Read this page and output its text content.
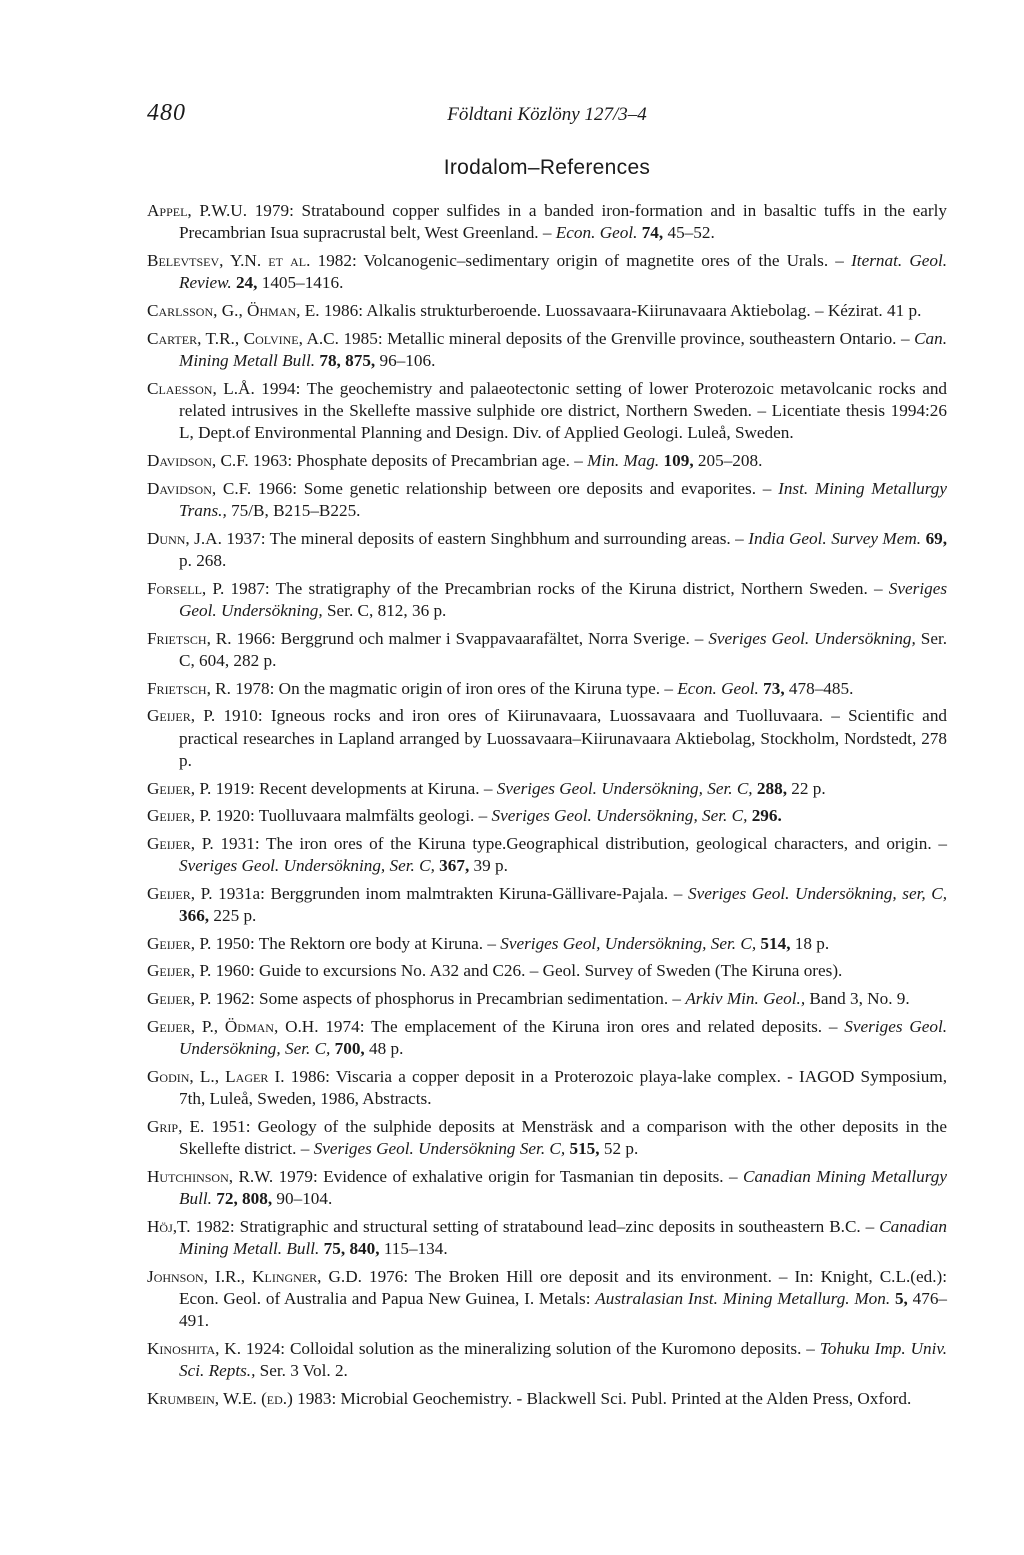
480	Földtani Közlöny 127/3–4
Irodalom–References
Appel, P.W.U. 1979: Stratabound copper sulfides in a banded iron-formation and in basaltic tuffs in the early Precambrian Isua supracrustal belt, West Greenland. – Econ. Geol. 74, 45–52.
Belevtsev, Y.N. et al. 1982: Volcanogenic–sedimentary origin of magnetite ores of the Urals. – Iternat. Geol. Review. 24, 1405–1416.
Carlsson, G., Öhman, E. 1986: Alkalis strukturberoende. Luossavaara-Kiirunavaara Aktiebolag. – Kézirat. 41 p.
Carter, T.R., Colvine, A.C. 1985: Metallic mineral deposits of the Grenville province, southeastern Ontario. – Can. Mining Metall Bull. 78, 875, 96–106.
Claesson, L.Å. 1994: The geochemistry and palaeotectonic setting of lower Proterozoic metavolcanic rocks and related intrusives in the Skellefte massive sulphide ore district, Northern Sweden. – Licentiate thesis 1994:26 L, Dept.of Environmental Planning and Design. Div. of Applied Geologi. Luleå, Sweden.
Davidson, C.F. 1963: Phosphate deposits of Precambrian age. – Min. Mag. 109, 205–208.
Davidson, C.F. 1966: Some genetic relationship between ore deposits and evaporites. – Inst. Mining Metallurgy Trans., 75/B, B215–B225.
Dunn, J.A. 1937: The mineral deposits of eastern Singhbhum and surrounding areas. – India Geol. Survey Mem. 69, p. 268.
Forsell, P. 1987: The stratigraphy of the Precambrian rocks of the Kiruna district, Northern Sweden. – Sveriges Geol. Undersökning, Ser. C, 812, 36 p.
Frietsch, R. 1966: Berggrund och malmer i Svappavaarafältet, Norra Sverige. – Sveriges Geol. Undersökning, Ser. C, 604, 282 p.
Frietsch, R. 1978: On the magmatic origin of iron ores of the Kiruna type. – Econ. Geol. 73, 478–485.
Geijer, P. 1910: Igneous rocks and iron ores of Kiirunavaara, Luossavaara and Tuolluvaara. – Scientific and practical researches in Lapland arranged by Luossavaara–Kiirunavaara Aktiebolag, Stockholm, Nordstedt, 278 p.
Geijer, P. 1919: Recent developments at Kiruna. – Sveriges Geol. Undersökning, Ser. C, 288, 22 p.
Geijer, P. 1920: Tuolluvaara malmfälts geologi. – Sveriges Geol. Undersökning, Ser. C, 296.
Geijer, P. 1931: The iron ores of the Kiruna type.Geographical distribution, geological characters, and origin. – Sveriges Geol. Undersökning, Ser. C, 367, 39 p.
Geijer, P. 1931a: Berggrunden inom malmtrakten Kiruna-Gällivare-Pajala. – Sveriges Geol. Undersökning, ser, C, 366, 225 p.
Geijer, P. 1950: The Rektorn ore body at Kiruna. – Sveriges Geol, Undersökning, Ser. C, 514, 18 p.
Geijer, P. 1960: Guide to excursions No. A32 and C26. – Geol. Survey of Sweden (The Kiruna ores).
Geijer, P. 1962: Some aspects of phosphorus in Precambrian sedimentation. – Arkiv Min. Geol., Band 3, No. 9.
Geijer, P., Ödman, O.H. 1974: The emplacement of the Kiruna iron ores and related deposits. – Sveriges Geol. Undersökning, Ser. C, 700, 48 p.
Godin, L., Lager I. 1986: Viscaria a copper deposit in a Proterozoic playa-lake complex. - IAGOD Symposium, 7th, Luleå, Sweden, 1986, Abstracts.
Grip, E. 1951: Geology of the sulphide deposits at Mensträsk and a comparison with the other deposits in the Skellefte district. – Sveriges Geol. Undersökning Ser. C, 515, 52 p.
Hutchinson, R.W. 1979: Evidence of exhalative origin for Tasmanian tin deposits. – Canadian Mining Metallurgy Bull. 72, 808, 90–104.
Höj,T. 1982: Stratigraphic and structural setting of stratabound lead–zinc deposits in southeastern B.C. – Canadian Mining Metall. Bull. 75, 840, 115–134.
Johnson, I.R., Klingner, G.D. 1976: The Broken Hill ore deposit and its environment. – In: Knight, C.L.(ed.): Econ. Geol. of Australia and Papua New Guinea, I. Metals: Australasian Inst. Mining Metallurg. Mon. 5, 476–491.
Kinoshita, K. 1924: Colloidal solution as the mineralizing solution of the Kuromono deposits. – Tohuku Imp. Univ. Sci. Repts., Ser. 3 Vol. 2.
Krumbein, W.E. (ed.) 1983: Microbial Geochemistry. - Blackwell Sci. Publ. Printed at the Alden Press, Oxford.
